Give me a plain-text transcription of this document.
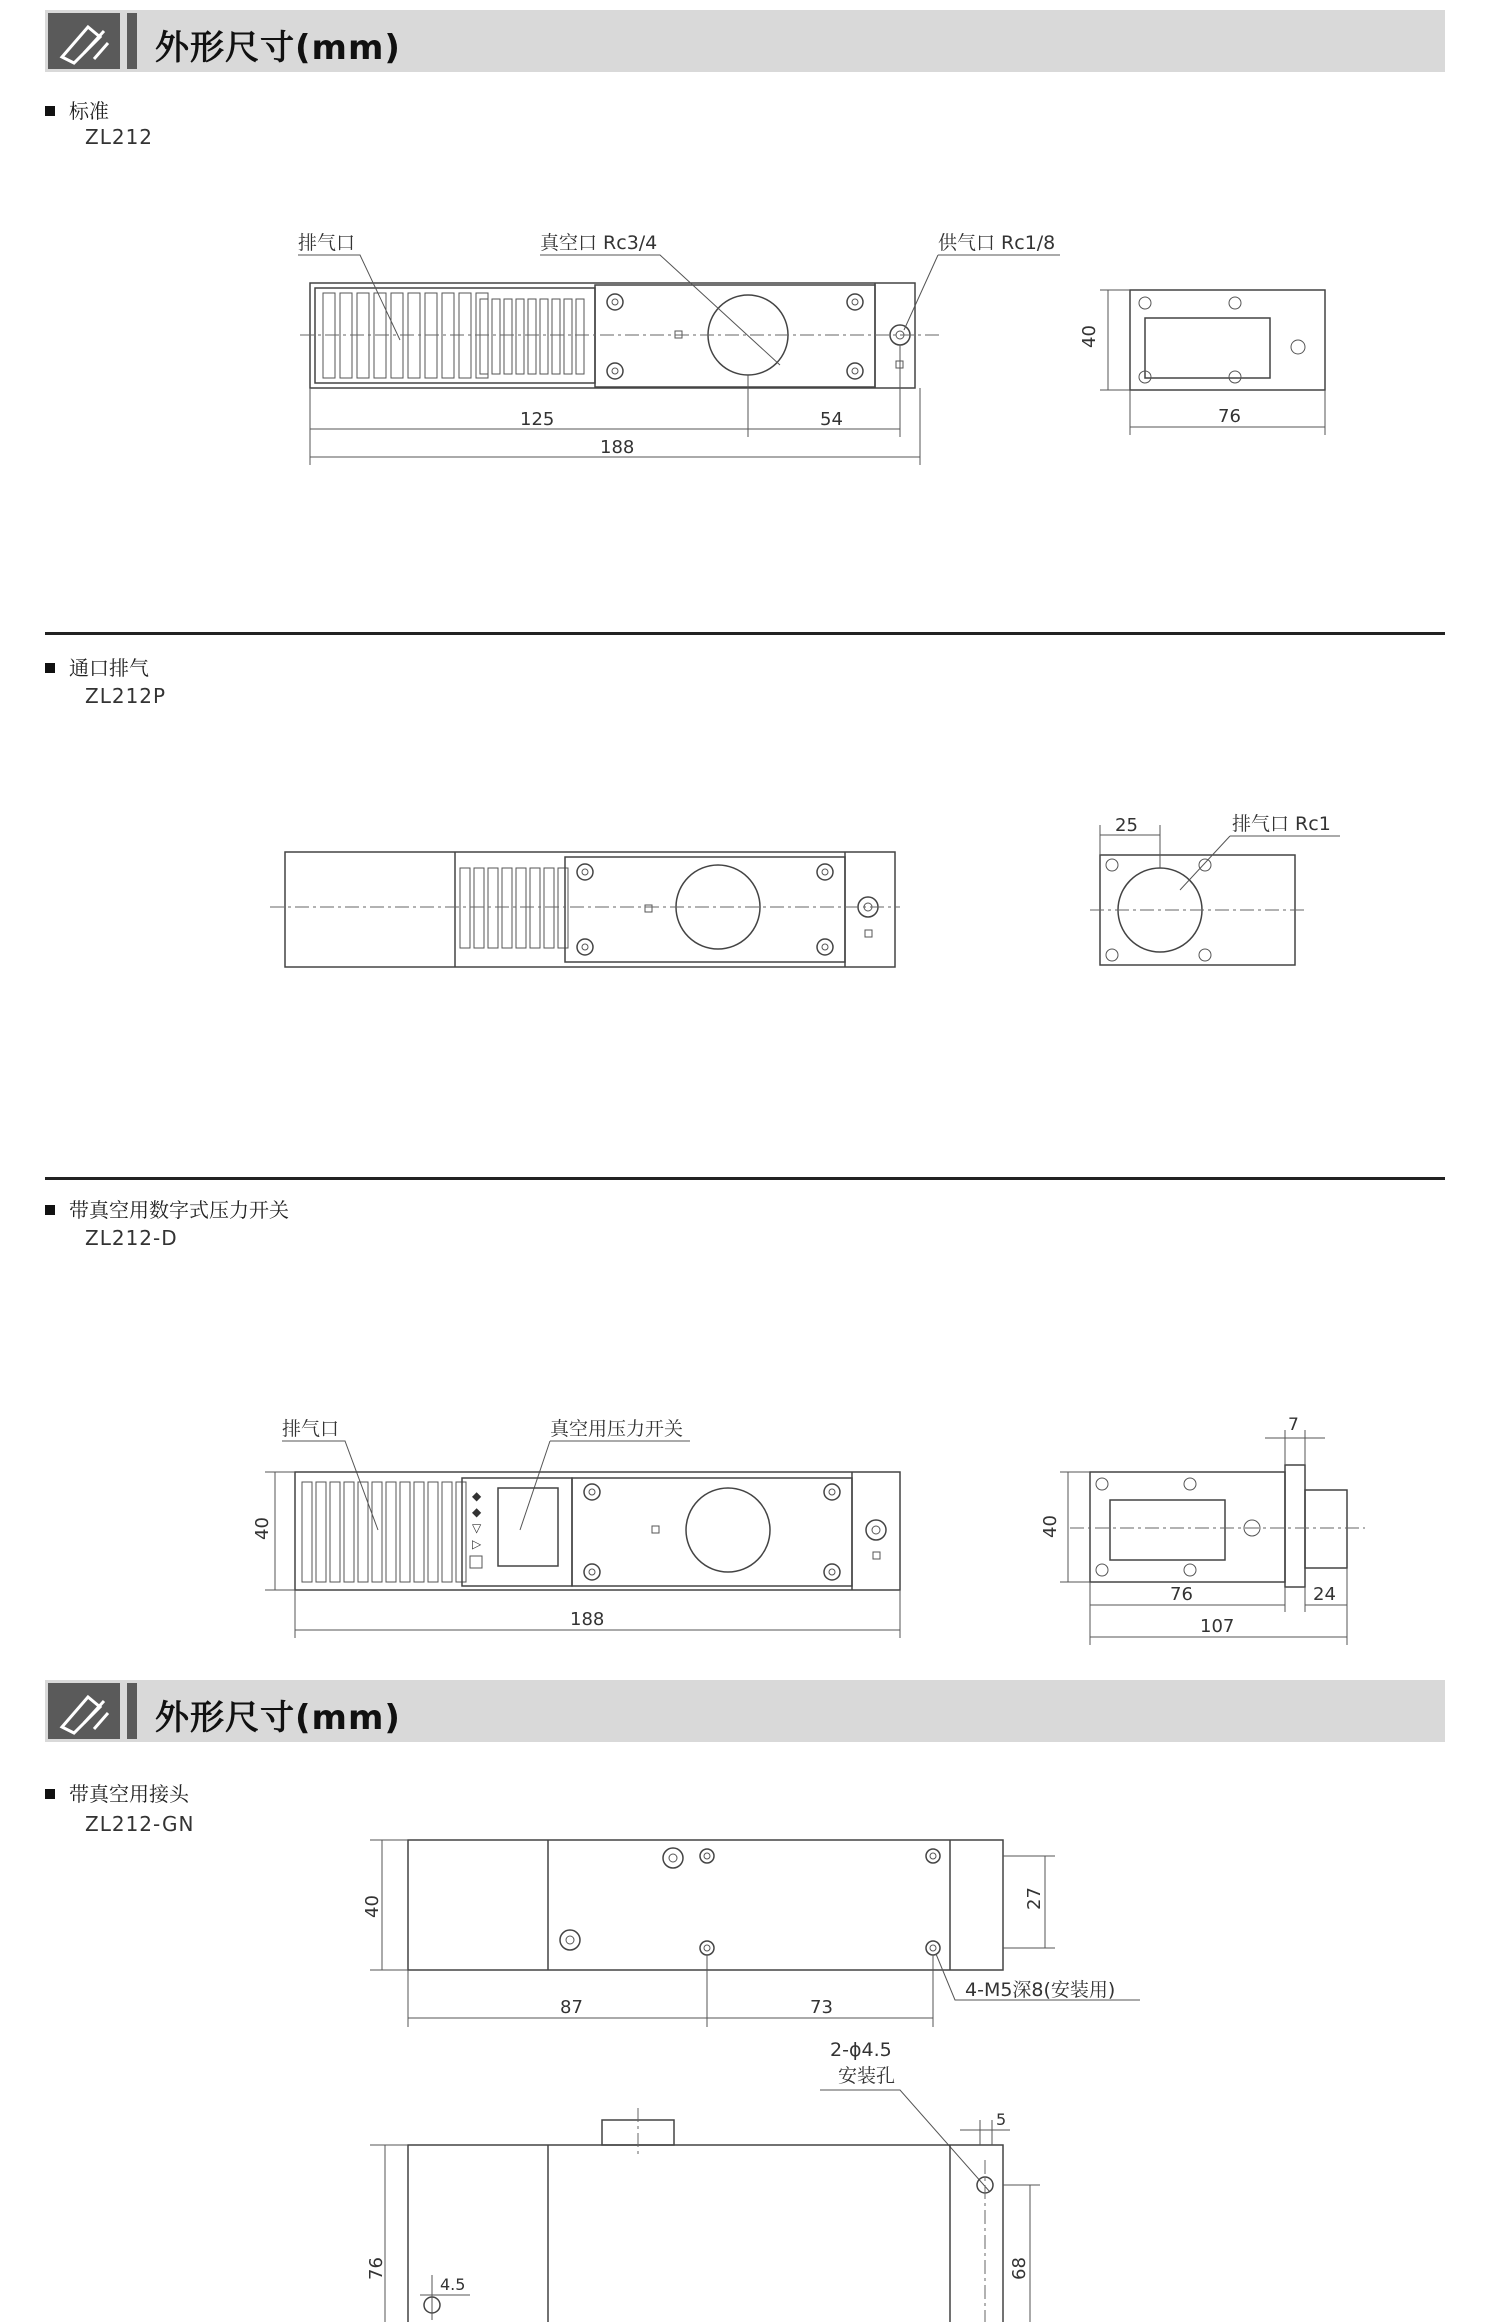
外形尺寸(mm)
标准
ZL212
排气口	真空口 Rc3/4	供气口 Rc1/8
125	54
188
40
76
通口排气
ZL212P
25	排气口 Rc1
带真空用数字式压力开关
ZL212-D
排气口	真空用压力开关
◆
◆
▽
▷
40
188
40
7
76	24
107
外形尺寸(mm)
带真空用接头
ZL212-GN
40	27
87	73
4-M5深8(安装用)
2-ϕ4.5
安装孔
5
68
76
4.5
